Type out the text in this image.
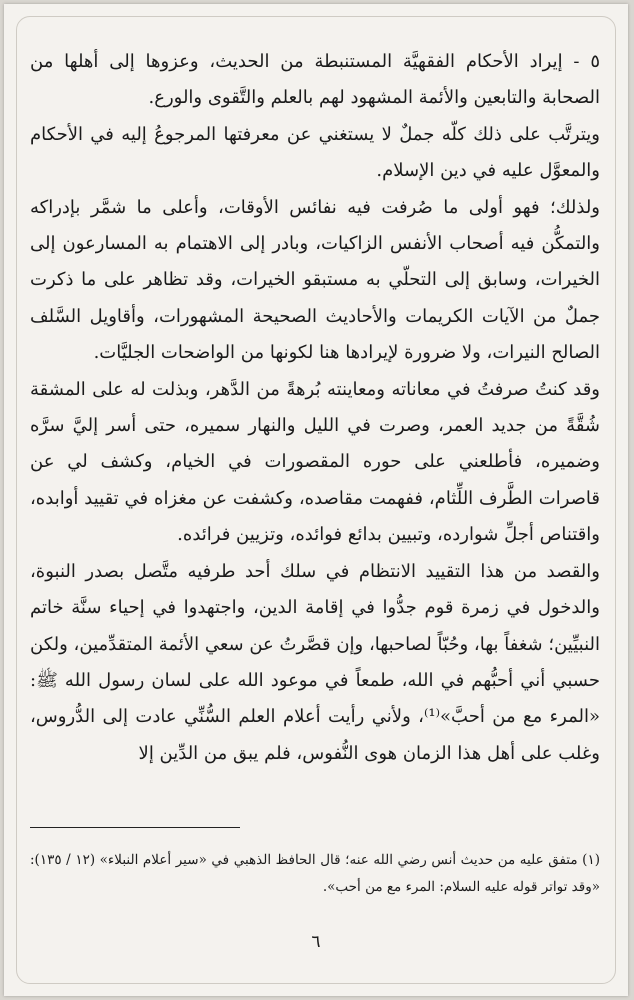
٥ - إيراد الأحكام الفقهيَّة المستنبطة من الحديث، وعزوها إلى أهلها من الصحابة والتابعين والأئمة المشهود لهم بالعلم والتَّقوى والورع.

ويترتَّب على ذلك كلّه جملٌ لا يستغني عن معرفتها المرجوعُ إليه في الأحكام والمعوَّل عليه في دين الإسلام.

ولذلك؛ فهو أولى ما صُرفت فيه نفائس الأوقات، وأعلى ما شمَّر بإدراكه والتمكُّن فيه أصحاب الأنفس الزاكيات، وبادر إلى الاهتمام به المسارعون إلى الخيرات، وسابق إلى التحلّي به مستبقو الخيرات، وقد تظاهر على ما ذكرت جملٌ من الآيات الكريمات والأحاديث الصحيحة المشهورات، وأقاويل السَّلف الصالح النيرات، ولا ضرورة لإيرادها هنا لكونها من الواضحات الجليَّات.

وقد كنتُ صرفتُ في معاناته ومعاينته بُرهةً من الدَّهر، وبذلت له على المشقة شُقَّةً من جديد العمر، وصرت في الليل والنهار سميره، حتى أسر إليَّ سرَّه وضميره، فأطلعني على حوره المقصورات في الخيام، وكشف لي عن قاصرات الطَّرف اللِّثام، ففهمت مقاصده، وكشفت عن مغزاه في تقييد أوابده، واقتناص أجلِّ شوارده، وتبيين بدائع فوائده، وتزيين فرائده.

والقصد من هذا التقييد الانتظام في سلك أحد طرفيه متَّصل بصدر النبوة، والدخول في زمرة قوم جدُّوا في إقامة الدين، واجتهدوا في إحياء سنَّة خاتم النبيِّين؛ شغفاً بها، وحُبّاً لصاحبها، وإن قصَّرتُ عن سعي الأئمة المتقدِّمين، ولكن حسبي أني أحبُّهم في الله، طمعاً في موعود الله على لسان رسول الله ﷺ: «المرء مع من أحبَّ»⁽¹⁾، ولأني رأيت أعلام العلم السُّنِّي عادت إلى الدُّروس، وغلب على أهل هذا الزمان هوى النُّفوس، فلم يبق من الدِّين إلا

(١) متفق عليه من حديث أنس رضي الله عنه؛ قال الحافظ الذهبي في «سير أعلام النبلاء» (١٢ / ١٣٥): «وقد تواتر قوله عليه السلام: المرء مع من أحب».

٦
